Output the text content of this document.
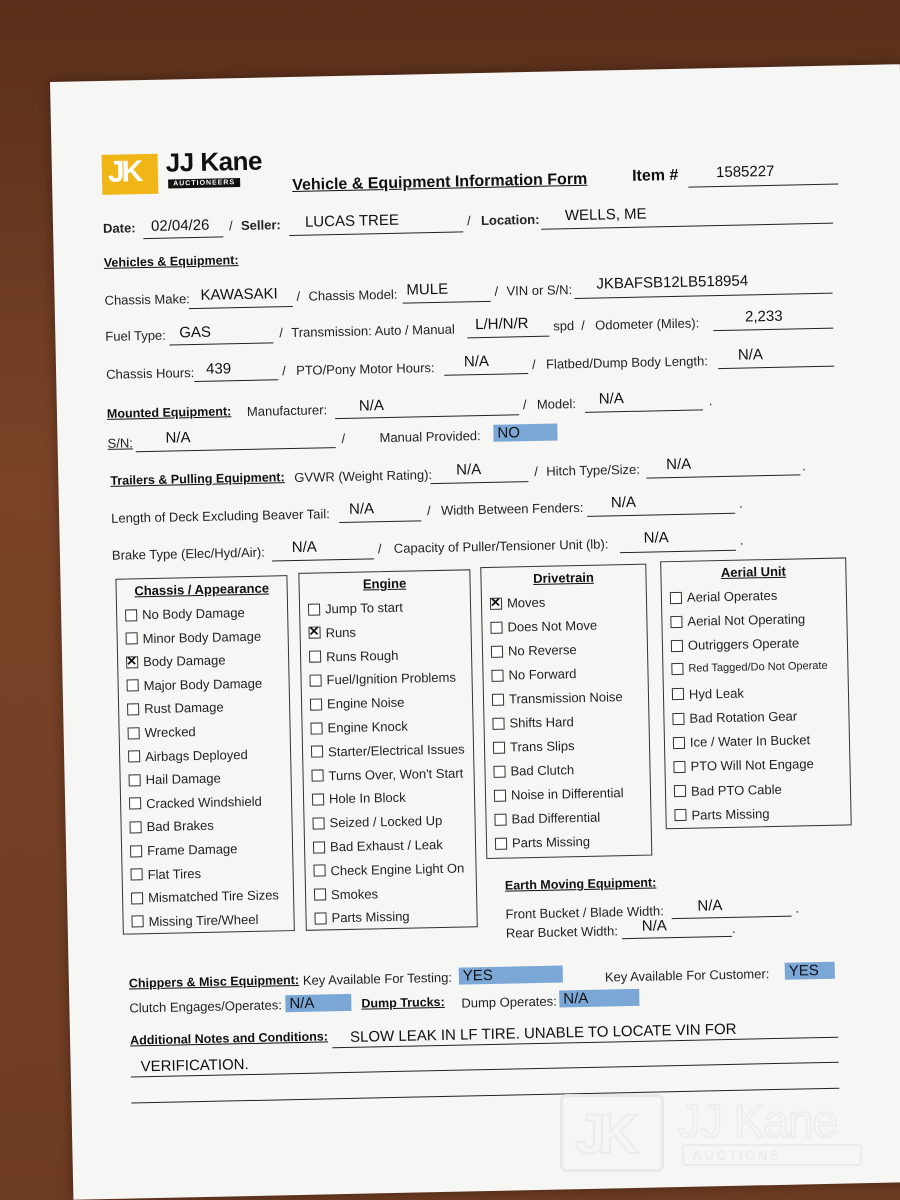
JK JJ Kane
AUCTIONEERS	Vehicle & Equipment Information Form	Item # 1585227
Date: 02/04/26 / Seller: LUCAS TREE	/ Location: WELLS, ME
Vehicles & Equipment:
Chassis Make: KAWASAKI / Chassis Model: MULE	/ VIN or S/N: JKBAFSB12LB518954
Fuel Type: GAS	/ Transmission: Auto / Manual L/H/N/R spd / Odometer (Miles):	2,233
Chassis Hours: 439	/ PTO/Pony Motor Hours: N/A	/ Flatbed/Dump Body Length: N/A
Mounted Equipment: Manufacturer: N/A	/ Model: N/A	.
S/N: N/A	/	Manual Provided: NO
Trailers & Pulling Equipment: GVWR (Weight Rating): N/A	/ Hitch Type/Size: N/A	.
Length of Deck Excluding Beaver Tail: N/A	/ Width Between Fenders: N/A	.
Brake Type (Elec/Hyd/Air): N/A	/ Capacity of Puller/Tensioner Unit (lb): N/A	.
Chassis / Appearance
No Body Damage
Minor Body Damage
✕
Body Damage
Major Body Damage
Rust Damage
Wrecked
Airbags Deployed
Hail Damage
Cracked Windshield
Bad Brakes
Frame Damage
Flat Tires
Mismatched Tire Sizes
Missing Tire/Wheel
Engine
Jump To start
✕
Runs
Runs Rough
Fuel/Ignition Problems
Engine Noise
Engine Knock
Starter/Electrical Issues
Turns Over, Won't Start
Hole In Block
Seized / Locked Up
Bad Exhaust / Leak
Check Engine Light On
Smokes
Parts Missing
Drivetrain
✕
Moves
Does Not Move
No Reverse
No Forward
Transmission Noise
Shifts Hard
Trans Slips
Bad Clutch
Noise in Differential
Bad Differential
Parts Missing
Aerial Unit
Aerial Operates
Aerial Not Operating
Outriggers Operate
Red Tagged/Do Not Operate
Hyd Leak
Bad Rotation Gear
Ice / Water In Bucket
PTO Will Not Engage
Bad PTO Cable
Parts Missing
Earth Moving Equipment:
Front Bucket / Blade Width: N/A	.
Rear Bucket Width: N/A	.
Chippers & Misc Equipment: Key Available For Testing: YES	Key Available For Customer: YES
Clutch Engages/Operates: N/A	Dump Trucks: Dump Operates: N/A
Additional Notes and Conditions: SLOW LEAK IN LF TIRE. UNABLE TO LOCATE VIN FOR
VERIFICATION.
JK JJ Kane
AUCTIONS
